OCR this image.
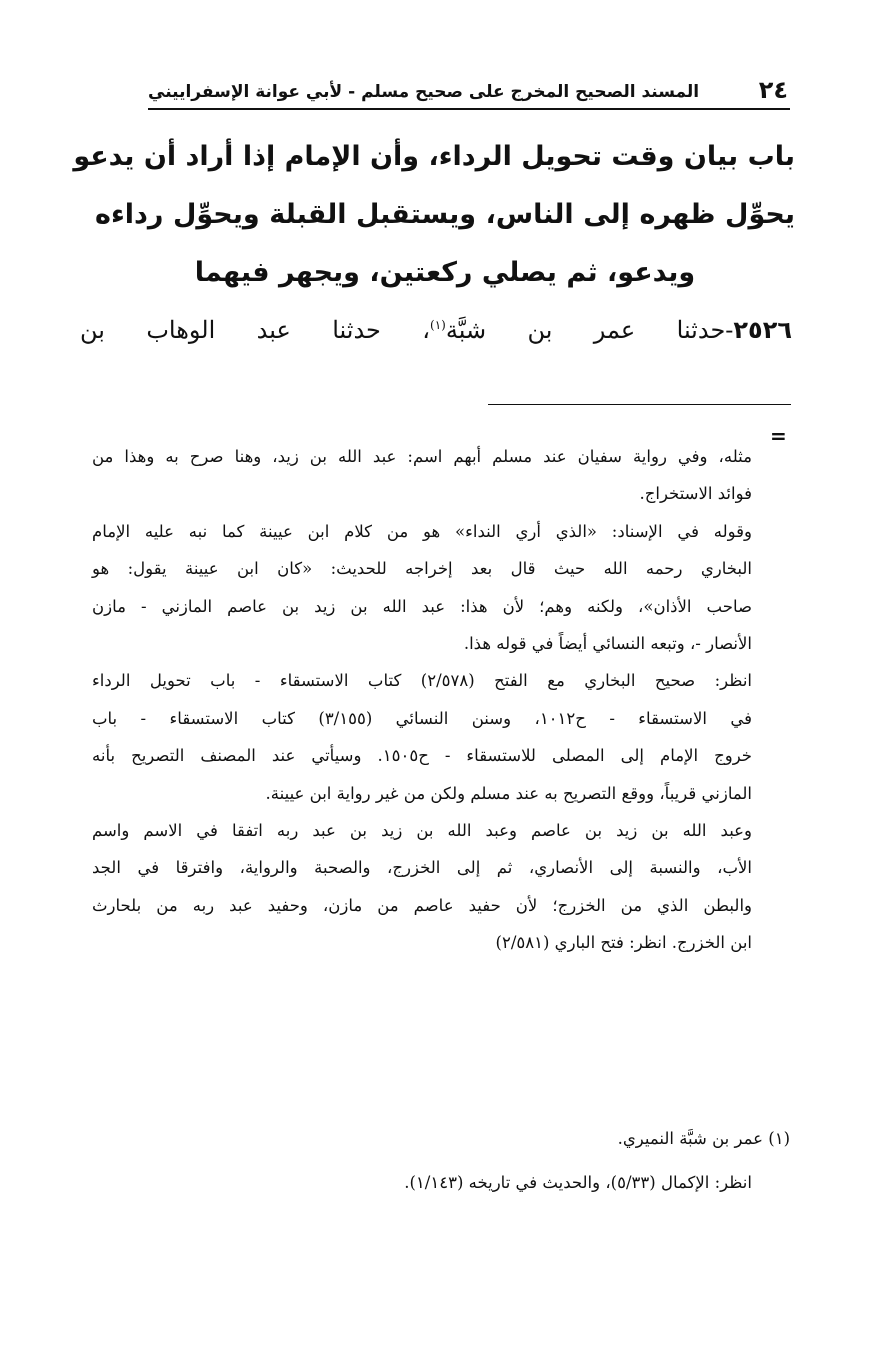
٢٤
المسند الصحيح المخرج على صحيح مسلم - لأبي عوانة الإسفراييني
باب بيان وقت تحويل الرداء، وأن الإمام إذا أراد أن يدعو
يحوِّل ظهره إلى الناس، ويستقبل القبلة ويحوِّل رداءه
ويدعو، ثم يصلي ركعتين، ويجهر فيهما
٢٥٢٦-حدثنا عمر بن شبَّة$^{(١)}$، حدثنا عبد الوهاب بن
=

مثله، وفي رواية سفيان عند مسلم أبهم اسم: عبد الله بن زيد، وهنا صرح به وهذا من
فوائد الاستخراج.

وقوله في الإسناد: «الذي أري النداء» هو من كلام ابن عيينة كما نبه عليه الإمام
البخاري رحمه الله حيث قال بعد إخراجه للحديث: «كان ابن عيينة يقول: هو
صاحب الأذان»، ولكنه وهم؛ لأن هذا: عبد الله بن زيد بن عاصم المازني - مازن
الأنصار -، وتبعه النسائي أيضاً في قوله هذا.

انظر: صحيح البخاري مع الفتح (٢/٥٧٨) كتاب الاستسقاء - باب تحويل الرداء
في الاستسقاء - ح١٠١٢، وسنن النسائي (٣/١٥٥) كتاب الاستسقاء - باب
خروج الإمام إلى المصلى للاستسقاء - ح١٥٠٥. وسيأتي عند المصنف التصريح بأنه
المازني قريباً، ووقع التصريح به عند مسلم ولكن من غير رواية ابن عيينة.

وعبد الله بن زيد بن عاصم وعبد الله بن زيد بن عبد ربه اتفقا في الاسم واسم
الأب، والنسبة إلى الأنصاري، ثم إلى الخزرج، والصحبة والرواية، وافترقا في الجد
والبطن الذي من الخزرج؛ لأن حفيد عاصم من مازن، وحفيد عبد ربه من بلحارث
ابن الخزرج. انظر: فتح الباري (٢/٥٨١)

(١) عمر بن شبَّة النميري.
انظر: الإكمال (٥/٣٣)، والحديث في تاريخه (١/١٤٣).
